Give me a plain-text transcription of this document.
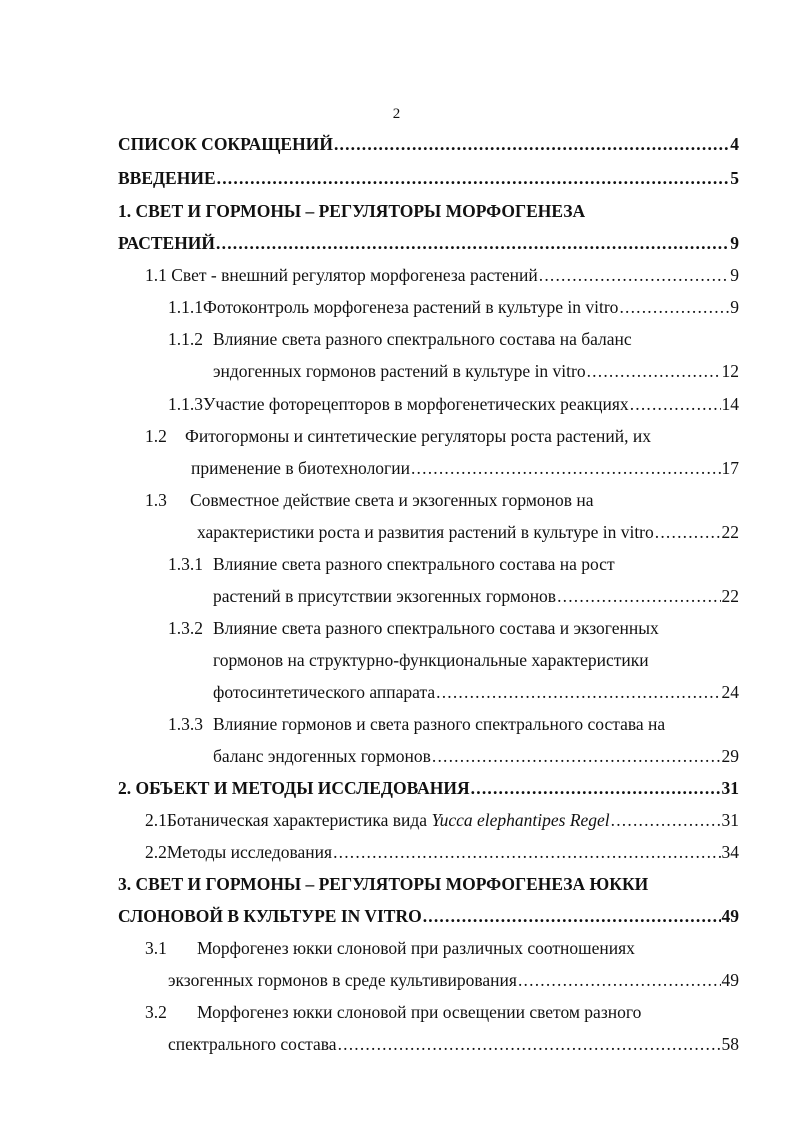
2
СПИСОК СОКРАЩЕНИЙ .....	4
ВВЕДЕНИЕ .....	5
1. СВЕТ И ГОРМОНЫ – РЕГУЛЯТОРЫ МОРФОГЕНЕЗА
РАСТЕНИЙ .....	9
1.1 Свет - внешний регулятор морфогенеза растений .....	9
1.1.1 Фотоконтроль морфогенеза растений в культуре in vitro .....	9
1.1.2 Влияние света разного спектрального состава на баланс
эндогенных гормонов растений в культуре in vitro .....	12
1.1.3 Участие фоторецепторов в морфогенетических реакциях .....	14
1.2	Фитогормоны и синтетические регуляторы роста растений, их
применение в биотехнологии .....	17
1.3	Совместное действие света и экзогенных гормонов на
характеристики роста и развития растений в культуре in vitro .....	22
1.3.1 Влияние света разного спектрального состава на рост
растений в присутствии экзогенных гормонов .....	22
1.3.2 Влияние света разного спектрального состава и экзогенных
гормонов на структурно-функциональные характеристики
фотосинтетического аппарата .....	24
1.3.3 Влияние гормонов и света разного спектрального состава на
баланс эндогенных гормонов .....	29
2. ОБЪЕКТ И МЕТОДЫ ИССЛЕДОВАНИЯ .....	31
2.1 Ботаническая характеристика вида Yucca elephantipes Regel .....	31
2.2 Методы исследования .....	34
3. СВЕТ И ГОРМОНЫ – РЕГУЛЯТОРЫ МОРФОГЕНЕЗА ЮККИ
СЛОНОВОЙ В КУЛЬТУРЕ IN VITRO .....	49
3.1	Морфогенез юкки слоновой при различных соотношениях
экзогенных гормонов в среде культивирования .....	49
3.2	Морфогенез юкки слоновой при освещении светом разного
спектрального состава .....	58
